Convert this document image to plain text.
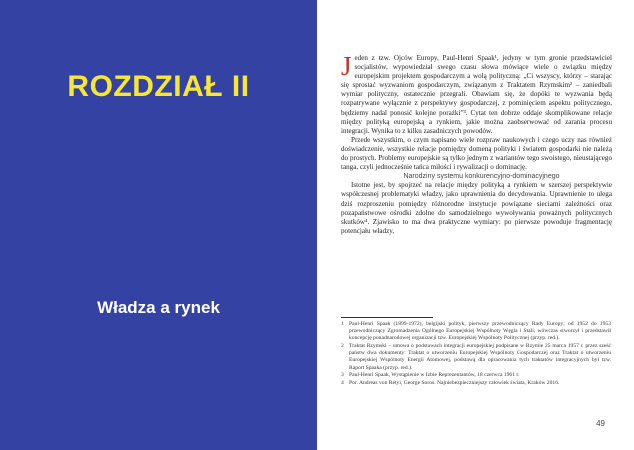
ROZDZIAŁ II
Władza a rynek

Jeden z tzw. Ojców Europy, Paul-Henri Spaak¹, jedyny w tym gronie przedstawiciel socjalistów, wypowiedział swego czasu słowa mówiące wiele o związku między europejskim projektem gospodarczym a wolą polityczną: „Ci wszyscy, którzy – starając się sprostać wyzwaniom gospodarczym, związanym z Traktatem Rzymskim² – zaniedbali wymiar polityczny, ostatecznie przegrali. Obawiam się, że dopóki te wyzwania będą rozpatrywane wyłącznie z perspektywy gospodarczej, z pominięciem aspektu politycznego, będziemy nadal ponosić kolejne porażki”³. Cytat ten dobrze oddaje skomplikowane relacje między polityką europejską a rynkiem, jakie można zaobserwować od zarania procesu integracji. Wynika to z kilku zasadniczych powodów.

Przede wszystkim, o czym napisano wiele rozpraw naukowych i czego uczy nas również doświadczenie, wszystkie relacje pomiędzy domeną polityki i światem gospodarki nie należą do prostych. Problemy europejskie są tylko jednym z wariantów tego swoistego, nieustającego tanga, czyli jednocześnie tańca miłości i rywalizacji o dominację.

Narodziny systemu konkurencyjno-dominacyjnego

Istotne jest, by spojrzeć na relacje między polityką a rynkiem w szerszej perspektywie współczesnej problematyki władzy, jako uprawnienia do decydowania. Uprawnienie to ulega dziś rozproszeniu pomiędzy różnorodne instytucje powiązane sieciami zależności oraz pozapaństwowe ośrodki zdolne do samodzielnego wywoływania poważnych politycznych skutków⁴. Zjawisko to ma dwa praktyczne wymiary: po pierwsze powoduje fragmentację potencjału władzy,

1 Paul-Henri Spaak (1899-1972), belgijski polityk, pierwszy przewodniczący Rady Europy; od 1952 do 1953 przewodniczący Zgromadzenia Ogólnego Europejskiej Wspólnoty Węgla i Stali; wówczas stworzył i przedstawił koncepcję ponadnarodowej organizacji tzw. Europejskiej Wspólnoty Politycznej (przyp. red.).
2 Traktat Rzymski – umowa o podstawach integracji europejskiej podpisane w Rzymie 25 marca 1957 r. przez sześć państw dwa dokumenty: Traktat o utworzeniu Europejskiej Wspólnoty Gospodarczej oraz Traktat o utworzeniu Europejskiej Wspólnoty Energii Atomowej, podstawą dla opracowania tych traktatów integracyjnych był tzw. Raport Spaaka (przyp. red.).
3 Paul-Henri Spaak, Wystąpienie w Izbie Reprezentantów, 18 czerwca 1961 r.
4 Por. Andreas von Rétyi, George Soros. Najniebezpieczniejszy człowiek świata, Kraków 2016.
49
